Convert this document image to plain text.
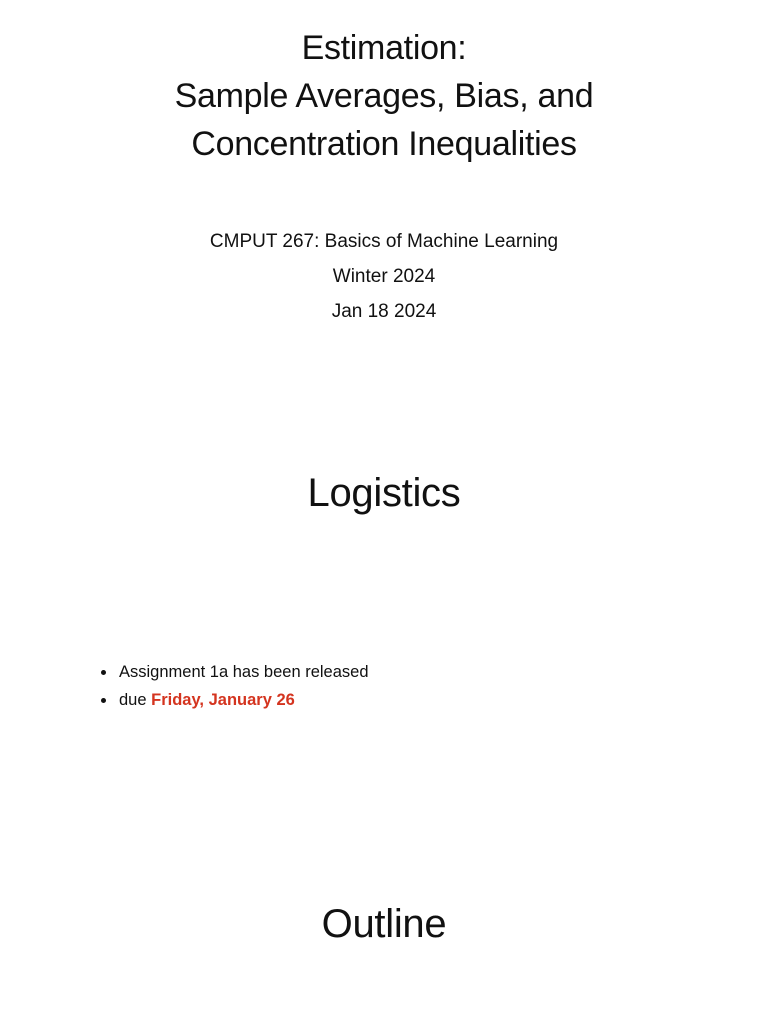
Estimation:
Sample Averages, Bias, and
Concentration Inequalities
CMPUT 267: Basics of Machine Learning
Winter 2024
Jan 18 2024
Logistics
Assignment 1a has been released
due Friday, January 26
Outline
